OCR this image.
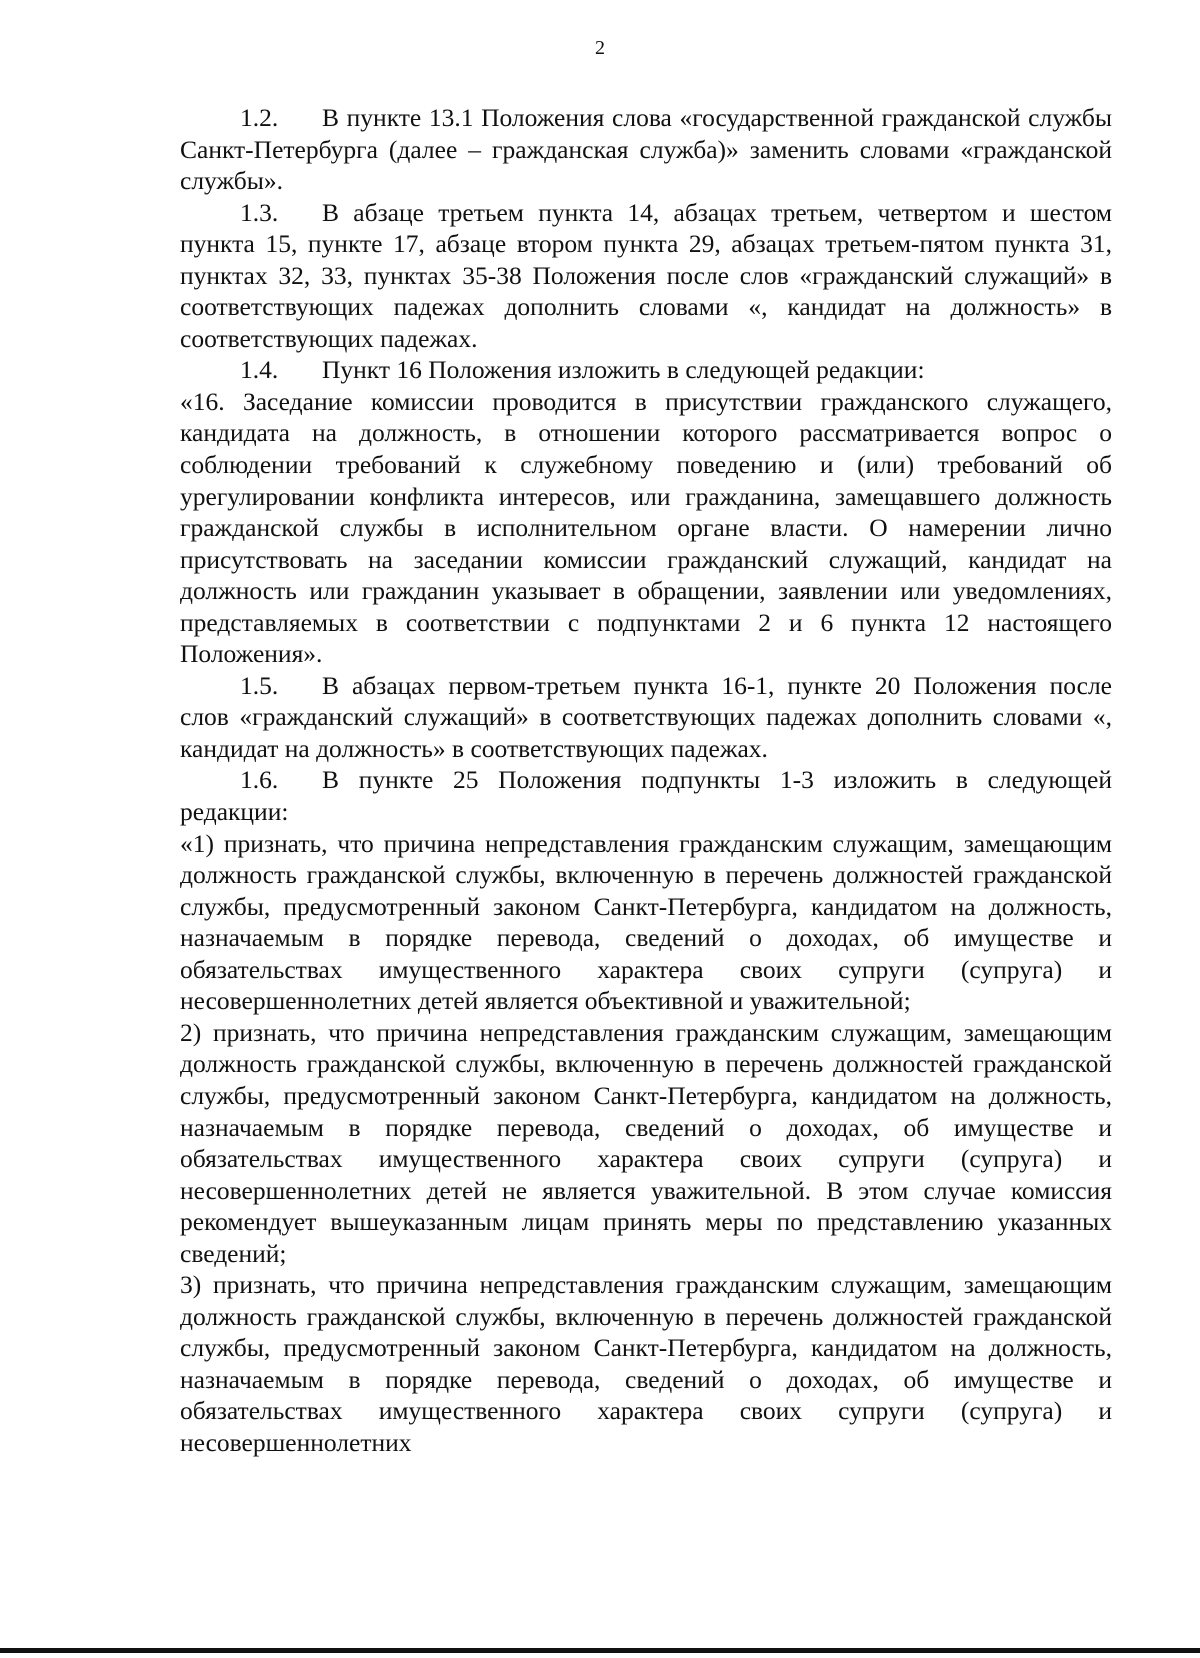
2

1.2. В пункте 13.1 Положения слова «государственной гражданской службы Санкт-Петербурга (далее – гражданская служба)» заменить словами «гражданской службы».

1.3. В абзаце третьем пункта 14, абзацах третьем, четвертом и шестом пункта 15, пункте 17, абзаце втором пункта 29, абзацах третьем-пятом пункта 31, пунктах 32, 33, пунктах 35-38 Положения после слов «гражданский служащий» в соответствующих падежах дополнить словами «, кандидат на должность» в соответствующих падежах.

1.4. Пункт 16 Положения изложить в следующей редакции:

«16. Заседание комиссии проводится в присутствии гражданского служащего, кандидата на должность, в отношении которого рассматривается вопрос о соблюдении требований к служебному поведению и (или) требований об урегулировании конфликта интересов, или гражданина, замещавшего должность гражданской службы в исполнительном органе власти. О намерении лично присутствовать на заседании комиссии гражданский служащий, кандидат на должность или гражданин указывает в обращении, заявлении или уведомлениях, представляемых в соответствии с подпунктами 2 и 6 пункта 12 настоящего Положения».

1.5. В абзацах первом-третьем пункта 16-1, пункте 20 Положения после слов «гражданский служащий» в соответствующих падежах дополнить словами «, кандидат на должность» в соответствующих падежах.

1.6. В пункте 25 Положения подпункты 1-3 изложить в следующей редакции:

«1) признать, что причина непредставления гражданским служащим, замещающим должность гражданской службы, включенную в перечень должностей гражданской службы, предусмотренный законом Санкт-Петербурга, кандидатом на должность, назначаемым в порядке перевода, сведений о доходах, об имуществе и обязательствах имущественного характера своих супруги (супруга) и несовершеннолетних детей является объективной и уважительной;

2) признать, что причина непредставления гражданским служащим, замещающим должность гражданской службы, включенную в перечень должностей гражданской службы, предусмотренный законом Санкт-Петербурга, кандидатом на должность, назначаемым в порядке перевода, сведений о доходах, об имуществе и обязательствах имущественного характера своих супруги (супруга) и несовершеннолетних детей не является уважительной. В этом случае комиссия рекомендует вышеуказанным лицам принять меры по представлению указанных сведений;

3) признать, что причина непредставления гражданским служащим, замещающим должность гражданской службы, включенную в перечень должностей гражданской службы, предусмотренный законом Санкт-Петербурга, кандидатом на должность, назначаемым в порядке перевода, сведений о доходах, об имуществе и обязательствах имущественного характера своих супруги (супруга) и несовершеннолетних
